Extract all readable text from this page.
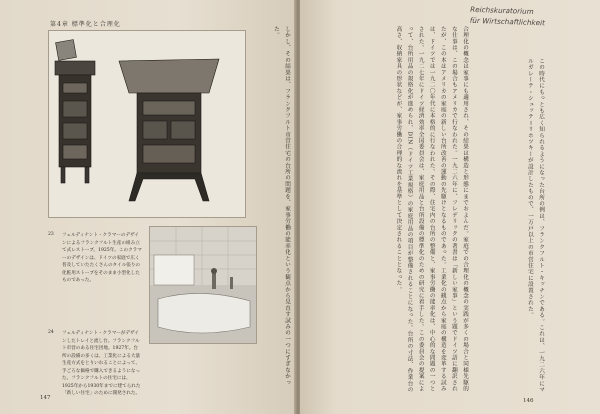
第4章 標準化と合理化
23 フェルディナント・クラマーのデザインによるフランクフルト生産の組み立て式レストーブ。1925年。このクラマーのデザインは、ドイツの家庭で広く普及していたたくさんのタイル張りの化粧用ストーブをそのまま小型化したものであった。

24 フェルディナント・クラマーがデザインしたトレイと流し台。フランクフルト市営のある住宅団地。1927年。台所の設備の多くは、工業化による大量生産方式をとりいれることによって、手ごろな価格で購入できるようになった。フランクフルトの住宅には、1925年から1930年までに建てられた「新しい住宅」のために開発された。

しかし、その結果は、フランクフルト市営住宅の台所の問題を、家事労働の能率化という観点から見直す試みの一つにすぎなかった。

147
Reichskuratorium
für Wirtschaftlichkeit

合理化の概念は家事にも適用され、その結果は構造と形態にまでおよんだ。家庭での合理化の概念の実践が多くの場合と同様先駆的な仕事は、この場合もアメリカで行なわれた。一九二六年に、フレデリックの著書は「新しい家事」という題でドイツ語に翻訳されたが、この本はアメリカの家庭の新しい台所改善の運動の先駆けとなるものであった。工業化の観点から家庭の構造を変革する試みは、ドイツでは一九二〇年代に本格的に行なわれた。その際、住宅内の台所の整備と、家事労働の能率化は、中心的な問題の一つとされた。一九二七年にドイツ経済効率全国委員会は、家庭用品と台所設備の標準化のための研究に着手した。この委員会の提案によって、台所用品の規格化が進められ、DIN（ドイツ工業規格）の家庭用品の項目が整備されることになった。台所の寸法、作業台の高さ、収納家具の形状などが、家事労働の合理的な流れを基準として決定されることとなった。	この時代にもっとも広く知られるようになった台所の例は、フランクフルト・キッチンである。これは、一九二六年にマルガレーテ・シュッテ＝リホツキーが設計したもので、一万戸以上の市営住宅に設置された。

146
